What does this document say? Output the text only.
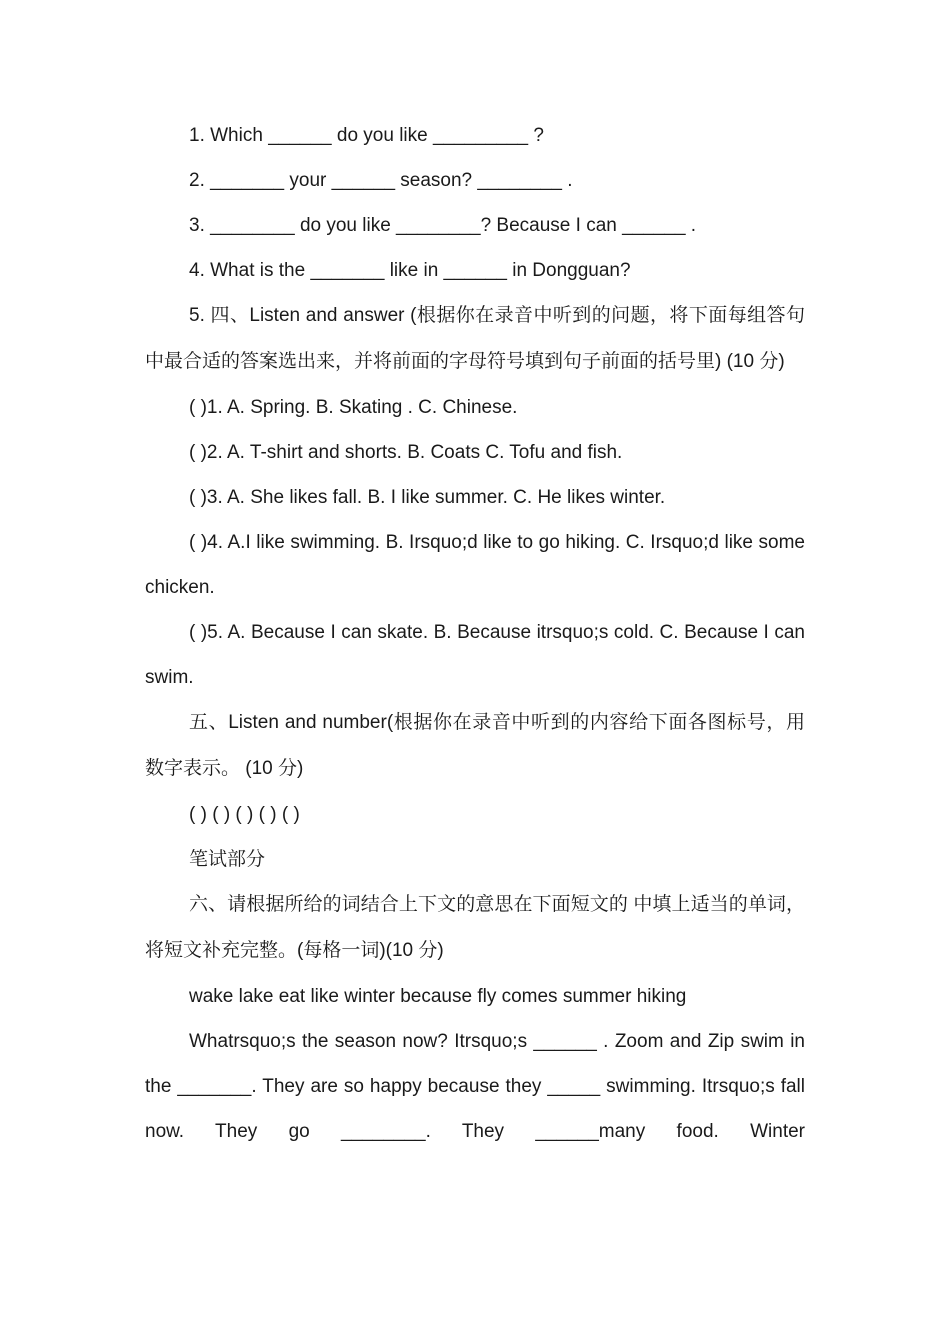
1. Which ______ do you like _________ ?

2. _______ your ______ season? ________ .

3. ________ do you like ________? Because I can ______ .

4. What is the _______ like in ______ in Dongguan?

5. 四、Listen and answer (根据你在录音中听到的问题，将下面每组答句中最合适的答案选出来，并将前面的字母符号填到句子前面的括号里) (10 分)

( )1. A. Spring. B. Skating . C. Chinese.

( )2. A. T-shirt and shorts. B. Coats C. Tofu and fish.

( )3. A. She likes fall. B. I like summer. C. He likes winter.

( )4. A.I like swimming. B. Irsquo;d like to go hiking. C. Irsquo;d like some chicken.

( )5. A. Because I can skate. B. Because itrsquo;s cold. C. Because I can swim.

五、Listen and number(根据你在录音中听到的内容给下面各图标号，用数字表示。 (10 分)

( ) ( ) ( ) ( ) ( )

笔试部分

六、请根据所给的词结合上下文的意思在下面短文的 中填上适当的单词，将短文补充完整。(每格一词)(10 分)

wake lake eat like winter because fly comes summer hiking

Whatrsquo;s the season now? Itrsquo;s ______ . Zoom and Zip swim in the _______. They are so happy because they _____ swimming. Itrsquo;s fall now. They go ________. They ______many food. Winter
